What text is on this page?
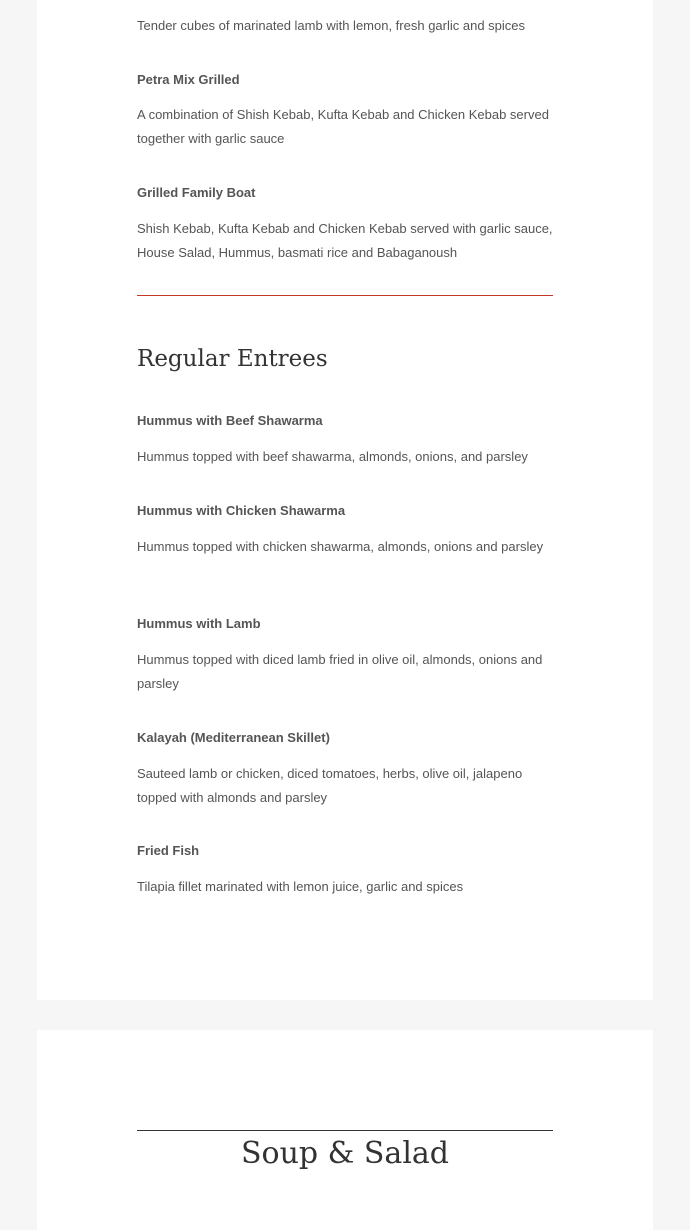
Tender cubes of marinated lamb with lemon, fresh garlic and spices

Petra Mix Grilled

A combination of Shish Kebab, Kufta Kebab and Chicken Kebab served together with garlic sauce

Grilled Family Boat

Shish Kebab, Kufta Kebab and Chicken Kebab served with garlic sauce, House Salad, Hummus, basmati rice and Babaganoush

Regular Entrees
Hummus with Beef Shawarma

Hummus topped with beef shawarma, almonds, onions, and parsley

Hummus with Chicken Shawarma

Hummus topped with chicken shawarma, almonds, onions and parsley

Hummus with Lamb

Hummus topped with diced lamb fried in olive oil, almonds, onions and parsley

Kalayah (Mediterranean Skillet)

Sauteed lamb or chicken, diced tomatoes, herbs, olive oil, jalapeno topped with almonds and parsley

Fried Fish

Tilapia fillet marinated with lemon juice, garlic and spices

Soup & Salad
